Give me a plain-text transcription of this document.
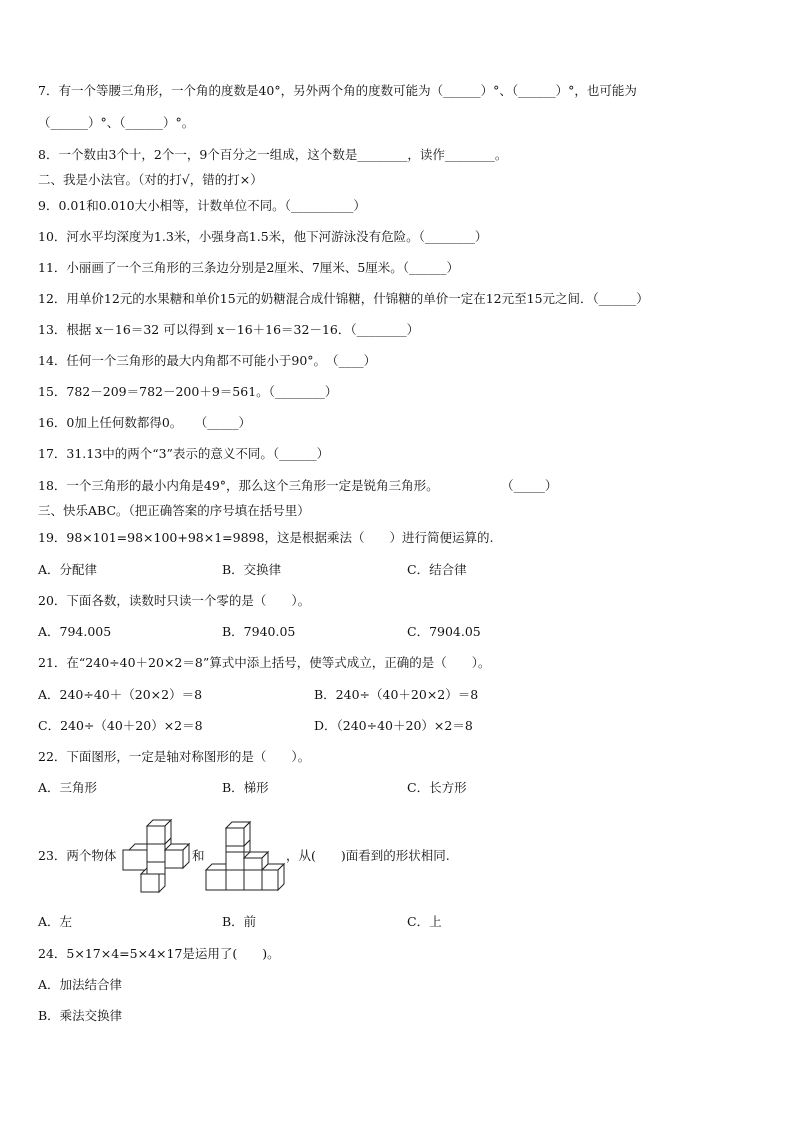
7．有一个等腰三角形，一个角的度数是40°，另外两个角的度数可能为（______）°、（______）°，也可能为
（______）°、（______）°。
8．一个数由3个十，2个一，9个百分之一组成，这个数是________，读作________。
二、我是小法官。（对的打√，错的打×）
9．0.01和0.010大小相等，计数单位不同。（__________）
10．河水平均深度为1.3米，小强身高1.5米，他下河游泳没有危险。（________）
11．小丽画了一个三角形的三条边分别是2厘米、7厘米、5厘米。（______）
12．用单价12元的水果糖和单价15元的奶糖混合成什锦糖，什锦糖的单价一定在12元至15元之间．（______）
13．根据 x－16＝32 可以得到 x－16＋16＝32－16．（________）
14．任何一个三角形的最大内角都不可能小于90°。　（____）
15．782－209＝782－200＋9＝561。（________）
16．0加上任何数都得0。　　（_____）
17．31.13中的两个“3”表示的意义不同。（______）
18．一个三角形的最小内角是49°，那么这个三角形一定是锐角三角形。　　　　　　（_____）
三、快乐ABC。（把正确答案的序号填在括号里）
19．98×101=98×100+98×1=9898，这是根据乘法（　　）进行简便运算的.
A．分配律	B．交换律	C．结合律
20．下面各数，读数时只读一个零的是（　　）。
A．794.005	B．7940.05	C．7904.05
21．在“240÷40＋20×2＝8”算式中添上括号，使等式成立，正确的是（　　）。
A．240÷40＋（20×2）＝8	B．240÷（40＋20×2）＝8
C．240÷（40＋20）×2＝8	D．（240÷40＋20）×2＝8
22．下面图形，一定是轴对称图形的是（　　）。
A．三角形	B．梯形	C．长方形
23．两个物体	和	，从(　　)面看到的形状相同.
A．左	B．前	C．上
24．5×17×4=5×4×17是运用了(　　)。
A．加法结合律
B．乘法交换律
